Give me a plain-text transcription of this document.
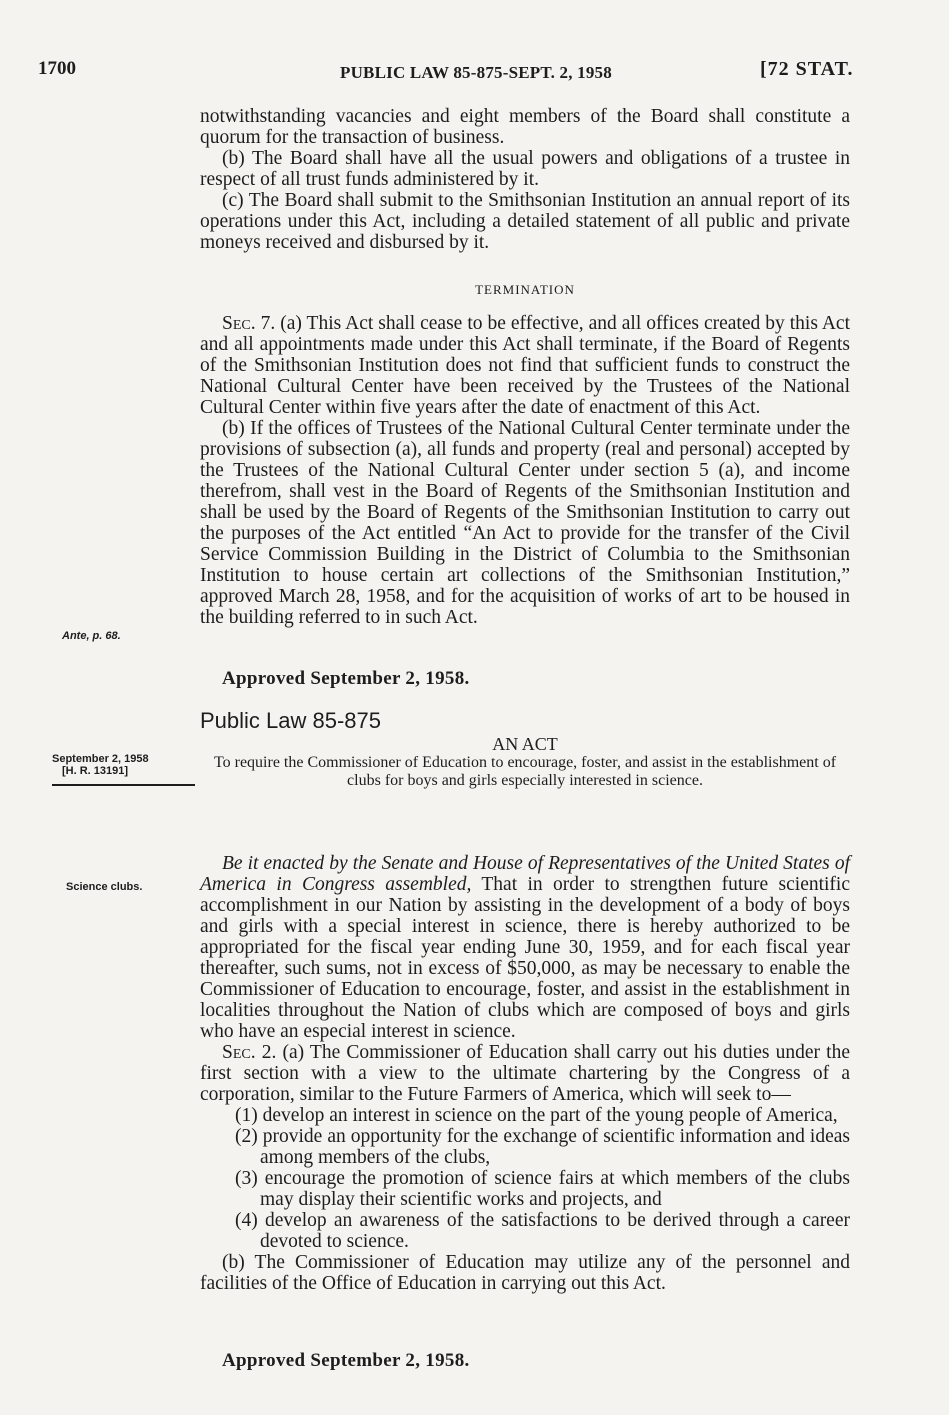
1700	PUBLIC LAW 85-875-SEPT. 2, 1958	[72 STAT.

notwithstanding vacancies and eight members of the Board shall constitute a quorum for the transaction of business.

(b) The Board shall have all the usual powers and obligations of a trustee in respect of all trust funds administered by it.

(c) The Board shall submit to the Smithsonian Institution an annual report of its operations under this Act, including a detailed statement of all public and private moneys received and disbursed by it.

TERMINATION

Sec. 7. (a) This Act shall cease to be effective, and all offices created by this Act and all appointments made under this Act shall terminate, if the Board of Regents of the Smithsonian Institution does not find that sufficient funds to construct the National Cultural Center have been received by the Trustees of the National Cultural Center within five years after the date of enactment of this Act.

(b) If the offices of Trustees of the National Cultural Center terminate under the provisions of subsection (a), all funds and property (real and personal) accepted by the Trustees of the National Cultural Center under section 5 (a), and income therefrom, shall vest in the Board of Regents of the Smithsonian Institution and shall be used by the Board of Regents of the Smithsonian Institution to carry out the purposes of the Act entitled “An Act to provide for the transfer of the Civil Service Commission Building in the District of Columbia to the Smithsonian Institution to house certain art collections of the Smithsonian Institution,” approved March 28, 1958, and for the acquisition of works of art to be housed in the building referred to in such Act.

Approved September 2, 1958.
Ante, p. 68.
Public Law 85-875
AN ACT
September 2, 1958
[H. R. 13191]	To require the Commissioner of Education to encourage, foster, and assist in the establishment of clubs for boys and girls especially interested in science.
Science clubs.

Be it enacted by the Senate and House of Representatives of the United States of America in Congress assembled, That in order to strengthen future scientific accomplishment in our Nation by assisting in the development of a body of boys and girls with a special interest in science, there is hereby authorized to be appropriated for the fiscal year ending June 30, 1959, and for each fiscal year thereafter, such sums, not in excess of $50,000, as may be necessary to enable the Commissioner of Education to encourage, foster, and assist in the establishment in localities throughout the Nation of clubs which are composed of boys and girls who have an especial interest in science.

Sec. 2. (a) The Commissioner of Education shall carry out his duties under the first section with a view to the ultimate chartering by the Congress of a corporation, similar to the Future Farmers of America, which will seek to—

(1) develop an interest in science on the part of the young people of America,

(2) provide an opportunity for the exchange of scientific information and ideas among members of the clubs,

(3) encourage the promotion of science fairs at which members of the clubs may display their scientific works and projects, and

(4) develop an awareness of the satisfactions to be derived through a career devoted to science.

(b) The Commissioner of Education may utilize any of the personnel and facilities of the Office of Education in carrying out this Act.

Approved September 2, 1958.
